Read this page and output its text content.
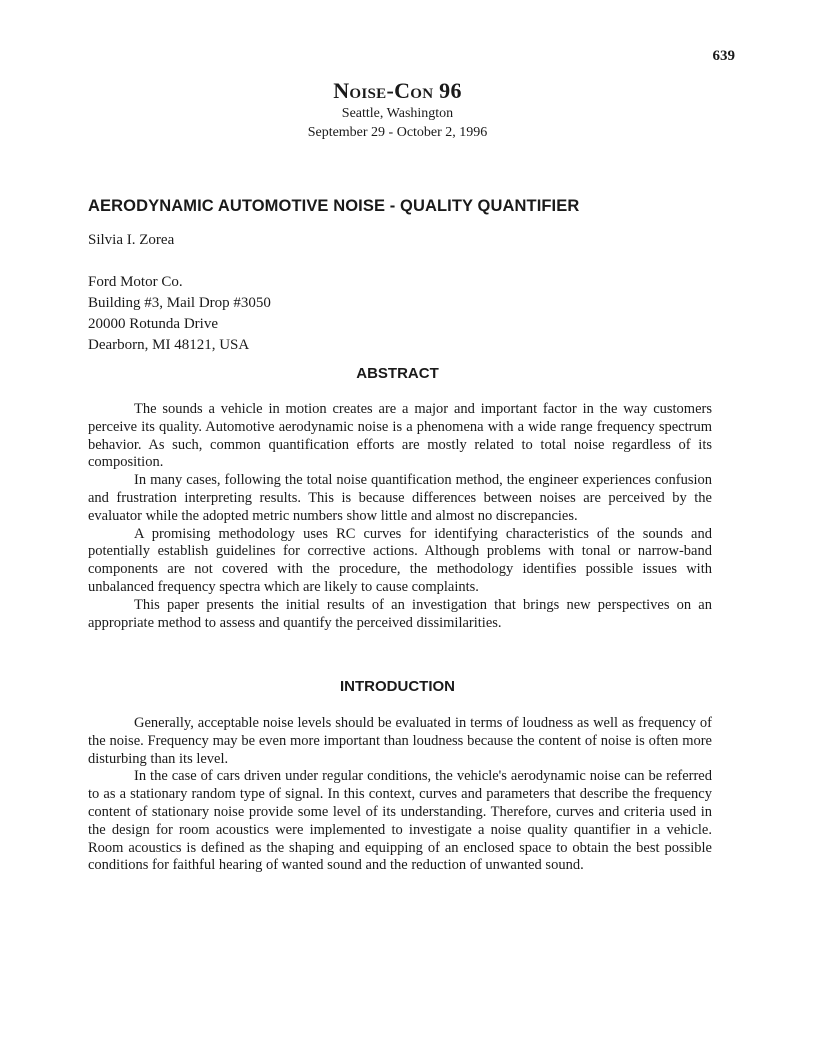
639
Noise-Con 96
Seattle, Washington
September 29 - October 2, 1996
AERODYNAMIC AUTOMOTIVE NOISE - QUALITY QUANTIFIER
Silvia I. Zorea
Ford Motor Co.
Building #3, Mail Drop #3050
20000 Rotunda Drive
Dearborn, MI 48121, USA
ABSTRACT

The sounds a vehicle in motion creates are a major and important factor in the way customers perceive its quality. Automotive aerodynamic noise is a phenomena with a wide range frequency spectrum behavior. As such, common quantification efforts are mostly related to total noise regardless of its composition.

In many cases, following the total noise quantification method, the engineer experiences confusion and frustration interpreting results. This is because differences between noises are perceived by the evaluator while the adopted metric numbers show little and almost no discrepancies.

A promising methodology uses RC curves for identifying characteristics of the sounds and potentially establish guidelines for corrective actions. Although problems with tonal or narrow-band components are not covered with the procedure, the methodology identifies possible issues with unbalanced frequency spectra which are likely to cause complaints.

This paper presents the initial results of an investigation that brings new perspectives on an appropriate method to assess and quantify the perceived dissimilarities.

INTRODUCTION

Generally, acceptable noise levels should be evaluated in terms of loudness as well as frequency of the noise. Frequency may be even more important than loudness because the content of noise is often more disturbing than its level.

In the case of cars driven under regular conditions, the vehicle's aerodynamic noise can be referred to as a stationary random type of signal. In this context, curves and parameters that describe the frequency content of stationary noise provide some level of its understanding. Therefore, curves and criteria used in the design for room acoustics were implemented to investigate a noise quality quantifier in a vehicle. Room acoustics is defined as the shaping and equipping of an enclosed space to obtain the best possible conditions for faithful hearing of wanted sound and the reduction of unwanted sound.
